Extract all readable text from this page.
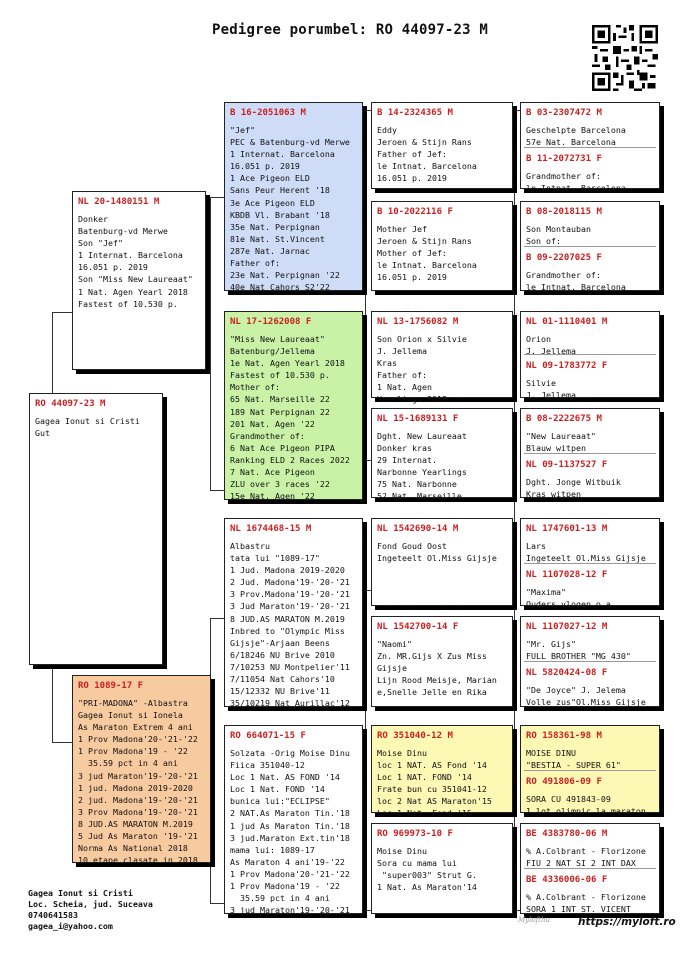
Pedigree porumbel: RO 44097-23 M
RO 44097-23 M
Gagea Ionut si Cristi
Gut
NL 20-1480151 M
Donker
Batenburg-vd Merwe
Son "Jef"
1 Internat. Barcelona
16.051 p. 2019
Son "Miss New Laureaat"
1 Nat. Agen Yearl 2018
Fastest of 10.530 p.
RO 1089-17 F
"PRI-MADONA" -Albastra
Gagea Ionut si Ionela
As Maraton Extrem 4 ani
1 Prov Madona'20-'21-'22
1 Prov Madona'19 - '22
35.59 pct in 4 ani
3 jud Maraton'19-'20-'21
1 jud. Madona 2019-2020
2 jud. Madona'19-'20-'21
3 Prov Madona'19-'20-'21
8 JUD.AS MARATON M.2019
5 Jud As Maraton '19-'21
Norma As National 2018
10 etape clasate in 2018
B 16-2051063 M
"Jef"
PEC & Batenburg-vd Merwe
1 Internat. Barcelona
16.051 p. 2019
1 Ace Pigeon ELD
Sans Peur Herent '18
3e Ace Pigeon ELD
KBDB Vl. Brabant '18
35e Nat. Perpignan
81e Nat. St.Vincent
287e Nat. Jarnac
Father of:
23e Nat. Perpignan '22
40e Nat Cahors S2'22
NL 17-1262008 F
"Miss New Laureaat"
Batenburg/Jellema
1e Nat. Agen Yearl 2018
Fastest of 10.530 p.
Mother of:
65 Nat. Marseille 22
189 Nat Perpignan 22
201 Nat. Agen '22
Grandmother of:
6 Nat Ace Pigeon PIPA
Ranking ELD 2 Races 2022
7 Nat. Ace Pigeon
ZLU over 3 races '22
15e Nat. Agen '22
NL 1674468-15 M
Albastru
tata lui "1089-17"
1 Jud. Madona 2019-2020
2 Jud. Madona'19-'20-'21
3 Prov.Madona'19-'20-'21
3 Jud Maraton'19-'20-'21
8 JUD.AS MARATON M.2019
Inbred to "Olympic Miss
Gijsje"-Arjaan Beens
6/18246 NU Brive 2010
7/10253 NU Montpelier'11
7/11054 Nat Cahors'10
15/12332 NU Brive'11
35/10219 Nat Aurillac'12
RO 664071-15 F
Solzata -Orig Moise Dinu
Fiica 351040-12
Loc 1 Nat. AS FOND '14
Loc 1 Nat. FOND '14
bunica lui:"ECLIPSE"
2 NAT.As Maraton Tin.'18
1 jud As Maraton Tin.'18
3 jud.Maraton Ext.tin'18
mama lui: 1089-17
As Maraton 4 ani'19-'22
1 Prov Madona'20-'21-'22
1 Prov Madona'19 - '22
35.59 pct in 4 ani
3 jud Maraton'19-'20-'21
B 14-2324365 M
Eddy
Jeroen & Stijn Rans
Father of Jef:
le Intnat. Barcelona
16.051 p. 2019
B 10-2022116 F
Mother Jef
Jeroen & Stijn Rans
Mother of Jef:
le Intnat. Barcelona
16.051 p. 2019
NL 13-1756082 M
Son Orion x Silvie
J. Jellema
Kras
Father of:
1 Nat. Agen
Yearlings 2018
NL 15-1689131 F
Dght. New Laureaat
Donker kras
29 Internat.
Narbonne Yearlings
75 Nat. Narbonne
52 Nat. Marseille
NL 1542690-14 M
Fond Goud Oost
Ingeteelt Ol.Miss Gijsje
NL 1542700-14 F
"Naomi"
Zn. MR.Gijs X Zus Miss
Gijsje
Lijn Rood Meisje, Marian
e,Snelle Jelle en Rika
RO 351040-12 M
Moise Dinu
loc 1 NAT. AS Fond '14
Loc 1 NAT. FOND '14
Frate bun cu 351041-12
loc 2 Nat AS Maraton'15
Loc 1 Nat. Fond '15
RO 969973-10 F
Moise Dinu
Sora cu mama lui
"super003" Strut G.
1 Nat. As Maraton'14
B 03-2307472 M
Geschelpte Barcelona
57e Nat. Barcelona
B 11-2072731 F
Grandmother of:
le Intnat. Barcelona
B 08-2018115 M
Son Montauban
Son of:
B 09-2207025 F
Grandmother of:
le Intnat. Barcelona
NL 01-1110401 M
Orion
J. Jellema
NL 09-1783772 F
Silvie
J. Jellema
B 08-2222675 M
"New Laureaat"
Blauw witpen
NL 09-1137527 F
Dght. Jonge Witbuik
Kras witpen
NL 1747601-13 M
Lars
Ingeteelt Ol.Miss Gijsje
NL 1107028-12 F
"Maxima"
Ouders vlogen o.a.
NL 1107027-12 M
"Mr. Gijs"
FULL BROTHER "MG 430"
NL 5820424-08 F
"De Joyce" J. Jelema
Volle zus"Ol.Miss Gijsje
RO 158361-98 M
MOISE DINU
"BESTIA - SUPER 61"
RO 491806-09 F
SORA CU 491843-09
1 lot olimpic la maraton
BE 4383780-06 M
% A.Colbrant - Florizone
FIU 2 NAT SI 2 INT DAX
BE 4336006-06 F
% A.Colbrant - Florizone
SORA 1 INT ST. VICENT
Gagea Ionut si Cristi
Loc. Scheia, jud. Suceava
0740641583
gagea_i@yahoo.com
Mylofthu	https://myloft.ro
